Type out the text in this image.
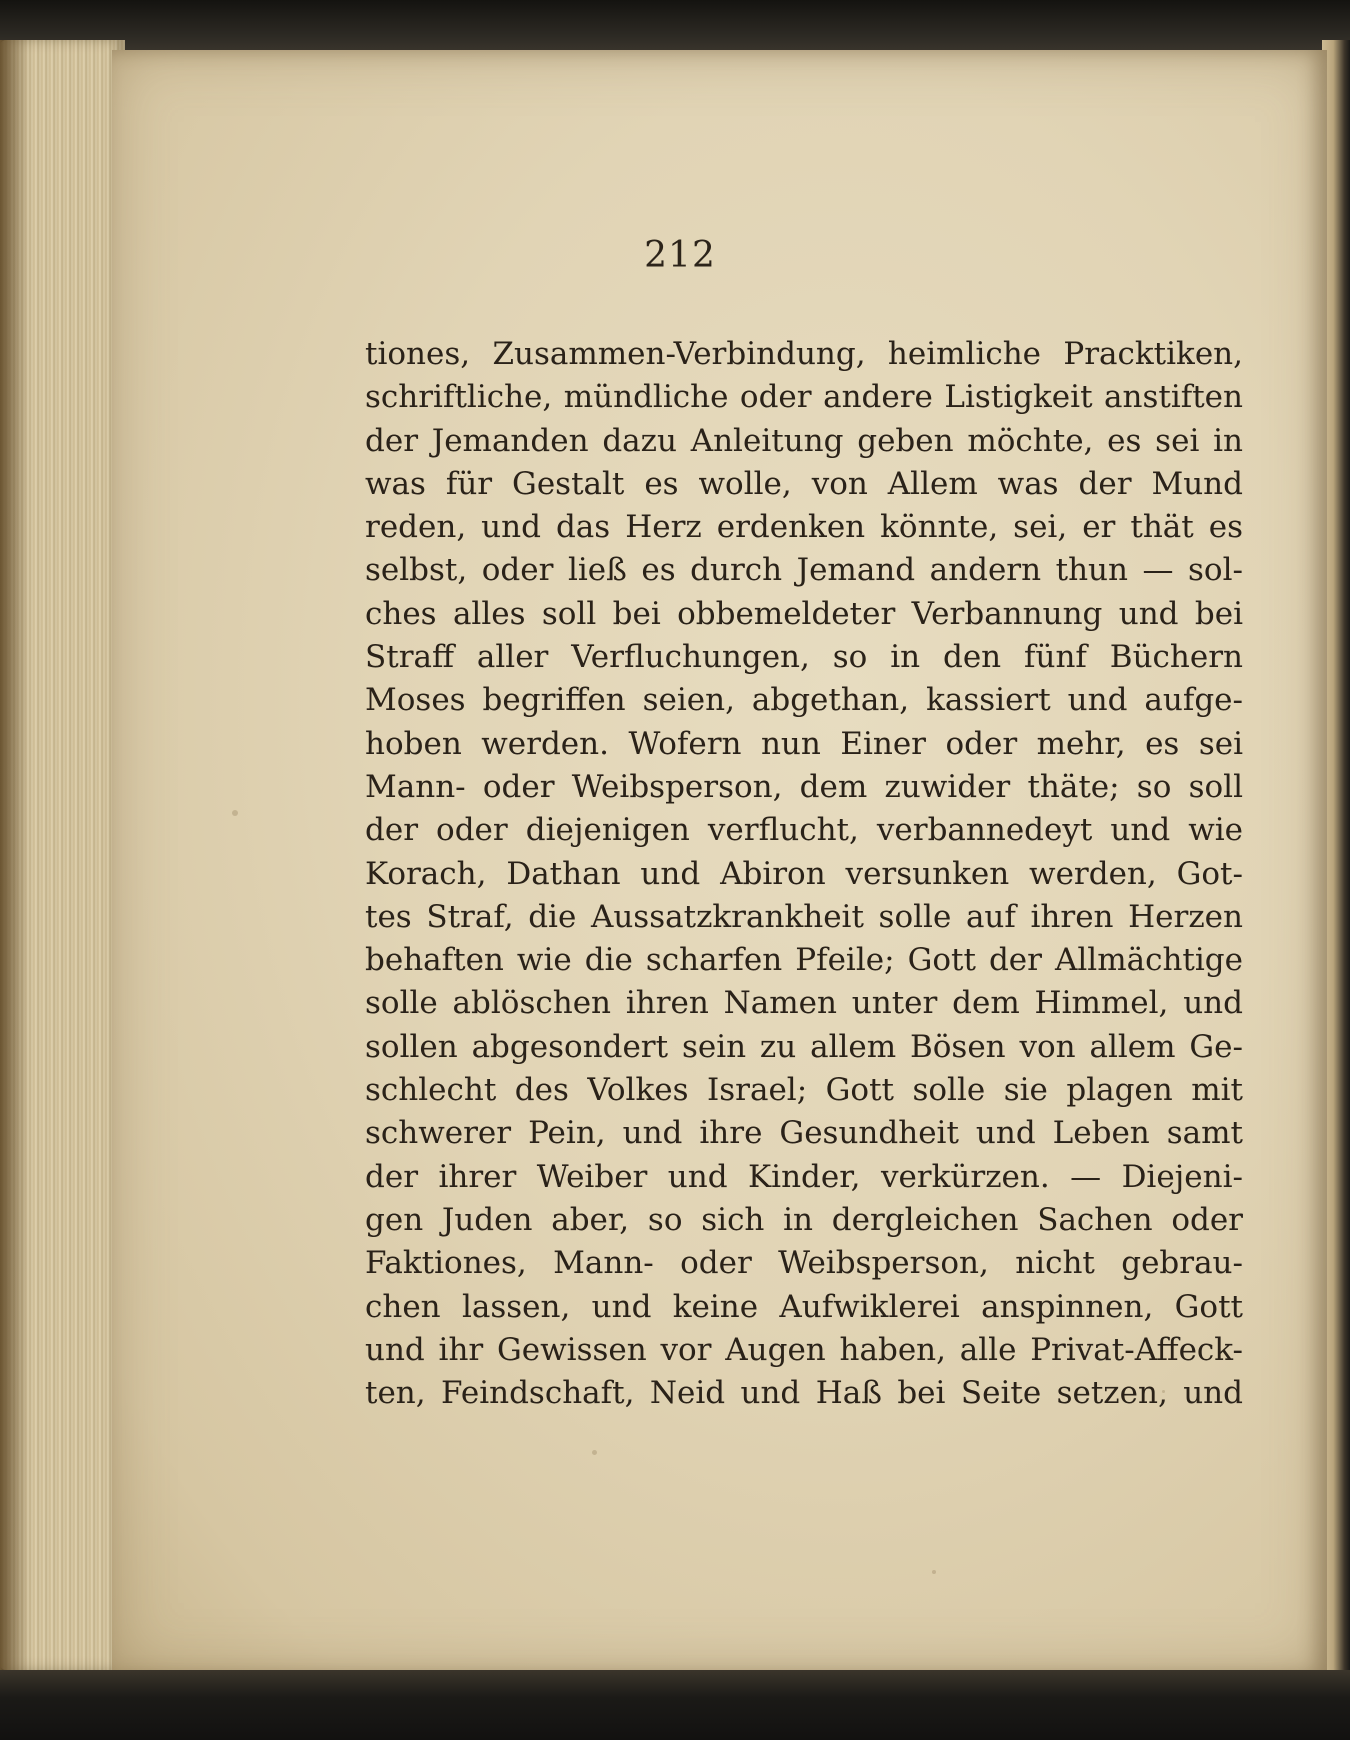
212
tiones, Zusammen-Verbindung, heimliche Pracktiken,
schriftliche, mündliche oder andere Listigkeit anstiften
der Jemanden dazu Anleitung geben möchte, es sei in
was für Gestalt es wolle, von Allem was der Mund
reden, und das Herz erdenken könnte, sei, er thät es
selbst, oder ließ es durch Jemand andern thun — sol-
ches alles soll bei obbemeldeter Verbannung und bei
Straff aller Verfluchungen, so in den fünf Büchern
Moses begriffen seien, abgethan, kassiert und aufge-
hoben werden. Wofern nun Einer oder mehr, es sei
Mann- oder Weibsperson, dem zuwider thäte; so soll
der oder diejenigen verflucht, verbannedeyt und wie
Korach, Dathan und Abiron versunken werden, Got-
tes Straf, die Aussatzkrankheit solle auf ihren Herzen
behaften wie die scharfen Pfeile; Gott der Allmächtige
solle ablöschen ihren Namen unter dem Himmel, und
sollen abgesondert sein zu allem Bösen von allem Ge-
schlecht des Volkes Israel; Gott solle sie plagen mit
schwerer Pein, und ihre Gesundheit und Leben samt
der ihrer Weiber und Kinder, verkürzen. — Diejeni-
gen Juden aber, so sich in dergleichen Sachen oder
Faktiones, Mann- oder Weibsperson, nicht gebrau-
chen lassen, und keine Aufwiklerei anspinnen, Gott
und ihr Gewissen vor Augen haben, alle Privat-Affeck-
ten, Feindschaft, Neid und Haß bei Seite setzen, und
